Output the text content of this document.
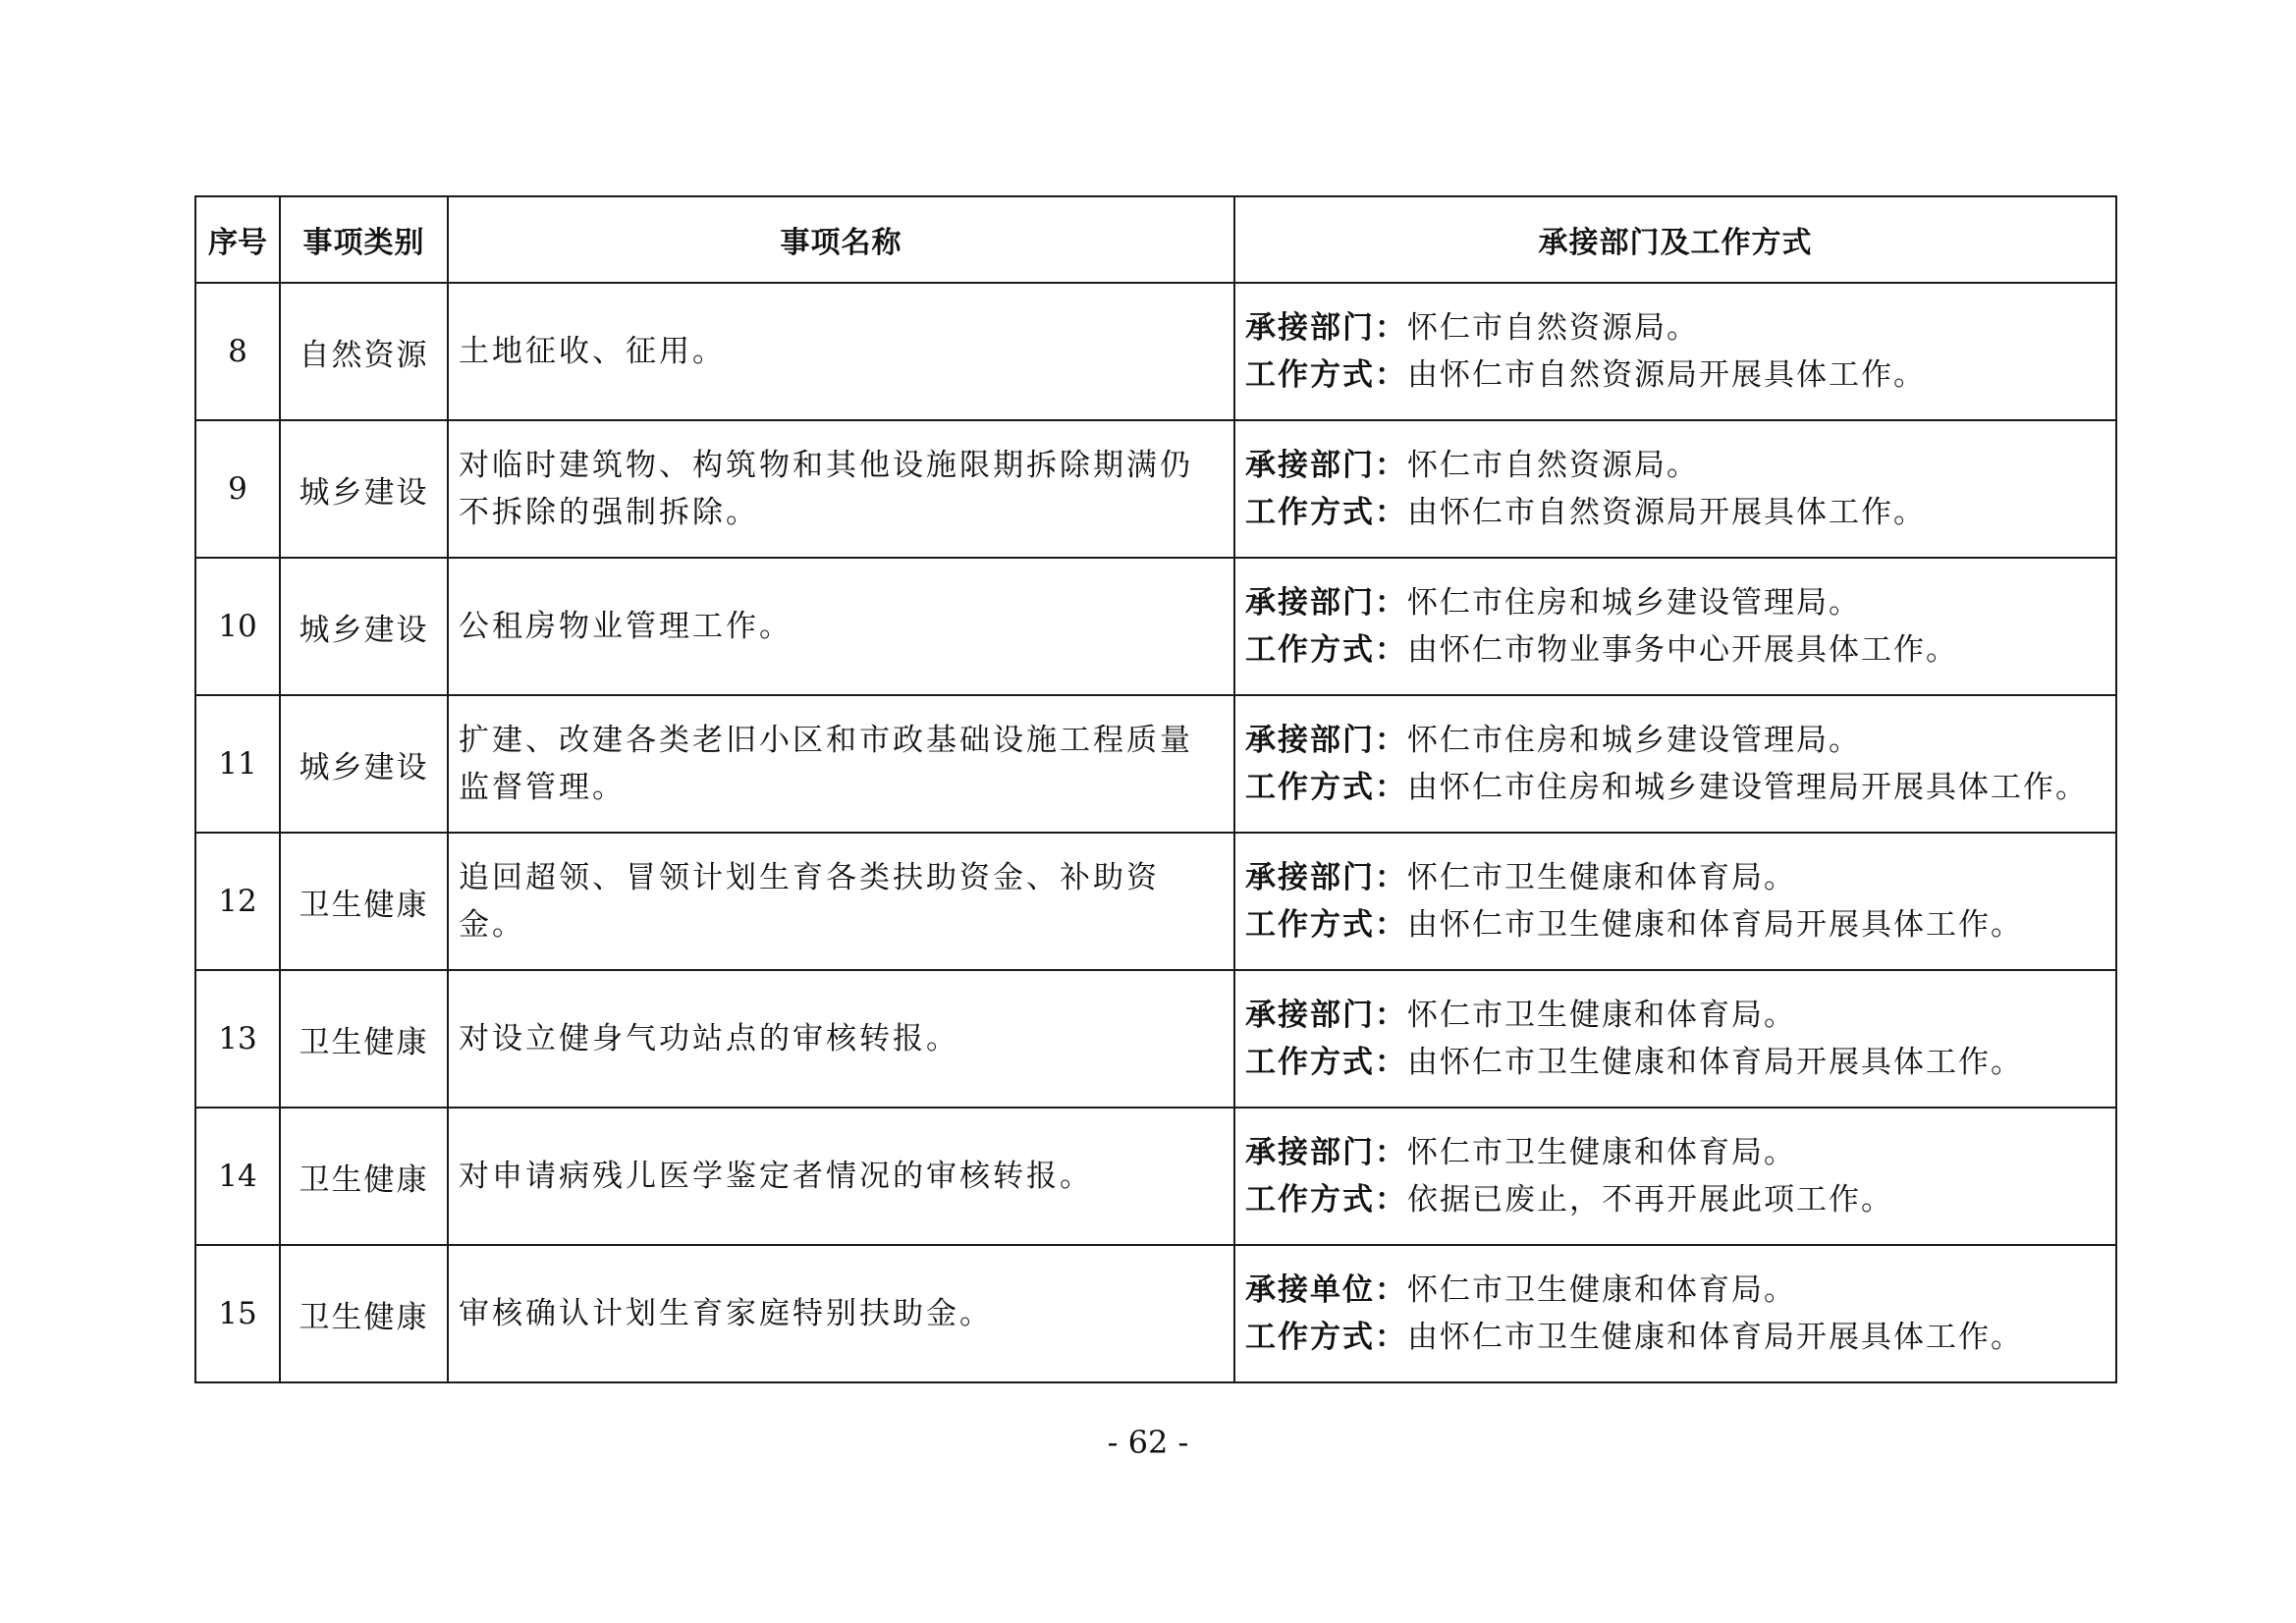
序号	事项类别	事项名称	承接部门及工作方式
8	自然资源	土地征收、征用。	承接部门：怀仁市自然资源局。
工作方式：由怀仁市自然资源局开展具体工作。

9	城乡建设	对临时建筑物、构筑物和其他设施限期拆除期满仍不拆除的强制拆除。	承接部门：怀仁市自然资源局。
工作方式：由怀仁市自然资源局开展具体工作。

10	城乡建设	公租房物业管理工作。	承接部门：怀仁市住房和城乡建设管理局。
工作方式：由怀仁市物业事务中心开展具体工作。

11	城乡建设	扩建、改建各类老旧小区和市政基础设施工程质量监督管理。	承接部门：怀仁市住房和城乡建设管理局。
工作方式：由怀仁市住房和城乡建设管理局开展具体工作。

12	卫生健康	追回超领、冒领计划生育各类扶助资金、补助资金。	承接部门：怀仁市卫生健康和体育局。
工作方式：由怀仁市卫生健康和体育局开展具体工作。

13	卫生健康	对设立健身气功站点的审核转报。	承接部门：怀仁市卫生健康和体育局。
工作方式：由怀仁市卫生健康和体育局开展具体工作。

14	卫生健康	对申请病残儿医学鉴定者情况的审核转报。	承接部门：怀仁市卫生健康和体育局。
工作方式：依据已废止，不再开展此项工作。

15	卫生健康	审核确认计划生育家庭特别扶助金。	承接单位：怀仁市卫生健康和体育局。
工作方式：由怀仁市卫生健康和体育局开展具体工作。
- 62 -
